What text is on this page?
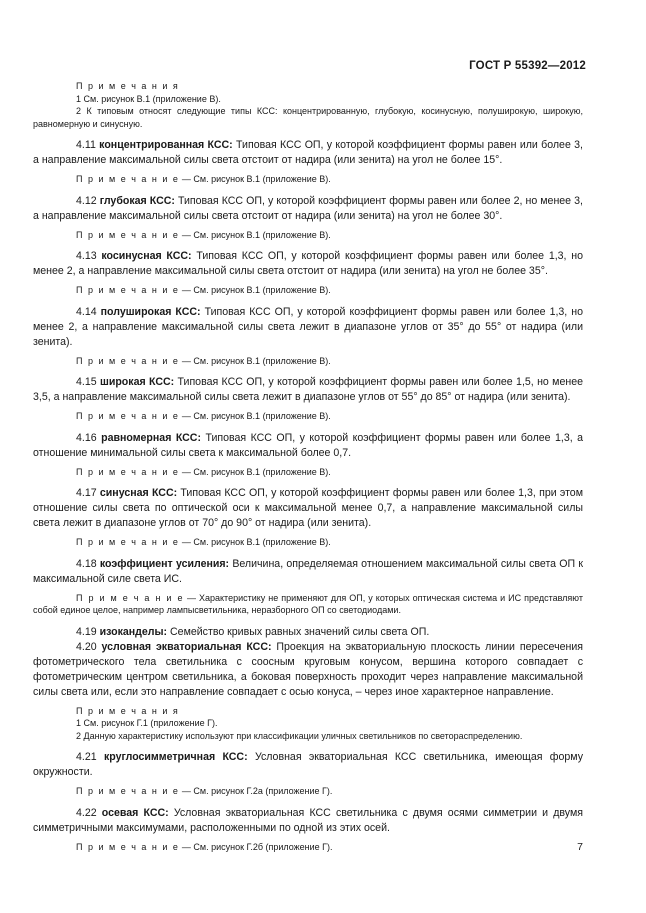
ГОСТ Р 55392—2012

П р и м е ч а н и я

1 См. рисунок В.1 (приложение В).

2 К типовым относят следующие типы КСС: концентрированную, глубокую, косинусную, полуширокую, широкую, равномерную и синусную.

4.11 концентрированная КСС: Типовая КСС ОП, у которой коэффициент формы равен или более 3, а направление максимальной силы света отстоит от надира (или зенита) на угол не более 15°.

П р и м е ч а н и е — См. рисунок В.1 (приложение В).

4.12 глубокая КСС: Типовая КСС ОП, у которой коэффициент формы равен или более 2, но менее 3, а направление максимальной силы света отстоит от надира (или зенита) на угол не более 30°.

П р и м е ч а н и е — См. рисунок В.1 (приложение В).

4.13 косинусная КСС: Типовая КСС ОП, у которой коэффициент формы равен или более 1,3, но менее 2, а направление максимальной силы света отстоит от надира (или зенита) на угол не более 35°.

П р и м е ч а н и е — См. рисунок В.1 (приложение В).

4.14 полуширокая КСС: Типовая КСС ОП, у которой коэффициент формы равен или более 1,3, но менее 2, а направление максимальной силы света лежит в диапазоне углов от 35° до 55° от надира (или зенита).

П р и м е ч а н и е — См. рисунок В.1 (приложение В).

4.15 широкая КСС: Типовая КСС ОП, у которой коэффициент формы равен или более 1,5, но менее 3,5, а направление максимальной силы света лежит в диапазоне углов от 55° до 85° от надира (или зенита).

П р и м е ч а н и е — См. рисунок В.1 (приложение В).

4.16 равномерная КСС: Типовая КСС ОП, у которой коэффициент формы равен или более 1,3, а отношение минимальной силы света к максимальной более 0,7.

П р и м е ч а н и е — См. рисунок В.1 (приложение В).

4.17 синусная КСС: Типовая КСС ОП, у которой коэффициент формы равен или более 1,3, при этом отношение силы света по оптической оси к максимальной менее 0,7, а направление максимальной силы света лежит в диапазоне углов от 70° до 90° от надира (или зенита).

П р и м е ч а н и е — См. рисунок В.1 (приложение В).

4.18 коэффициент усиления: Величина, определяемая отношением максимальной силы света ОП к максимальной силе света ИС.

П р и м е ч а н и е — Характеристику не применяют для ОП, у которых оптическая система и ИС представляют собой единое целое, например лампысветильника, неразборного ОП со светодиодами.

4.19 изоканделы: Семейство кривых равных значений силы света ОП.

4.20 условная экваториальная КСС: Проекция на экваториальную плоскость линии пересечения фотометрического тела светильника с соосным круговым конусом, вершина которого совпадает с фотометрическим центром светильника, а боковая поверхность проходит через направление максимальной силы света или, если это направление совпадает с осью конуса, – через иное характерное направление.

П р и м е ч а н и я

1 См. рисунок Г.1 (приложение Г).

2 Данную характеристику используют при классификации уличных светильников по светораспределению.

4.21 круглосимметричная КСС: Условная экваториальная КСС светильника, имеющая форму окружности.

П р и м е ч а н и е — См. рисунок Г.2а (приложение Г).

4.22 осевая КСС: Условная экваториальная КСС светильника с двумя осями симметрии и двумя симметричными максимумами, расположенными по одной из этих осей.

П р и м е ч а н и е — См. рисунок Г.2б (приложение Г).	7
